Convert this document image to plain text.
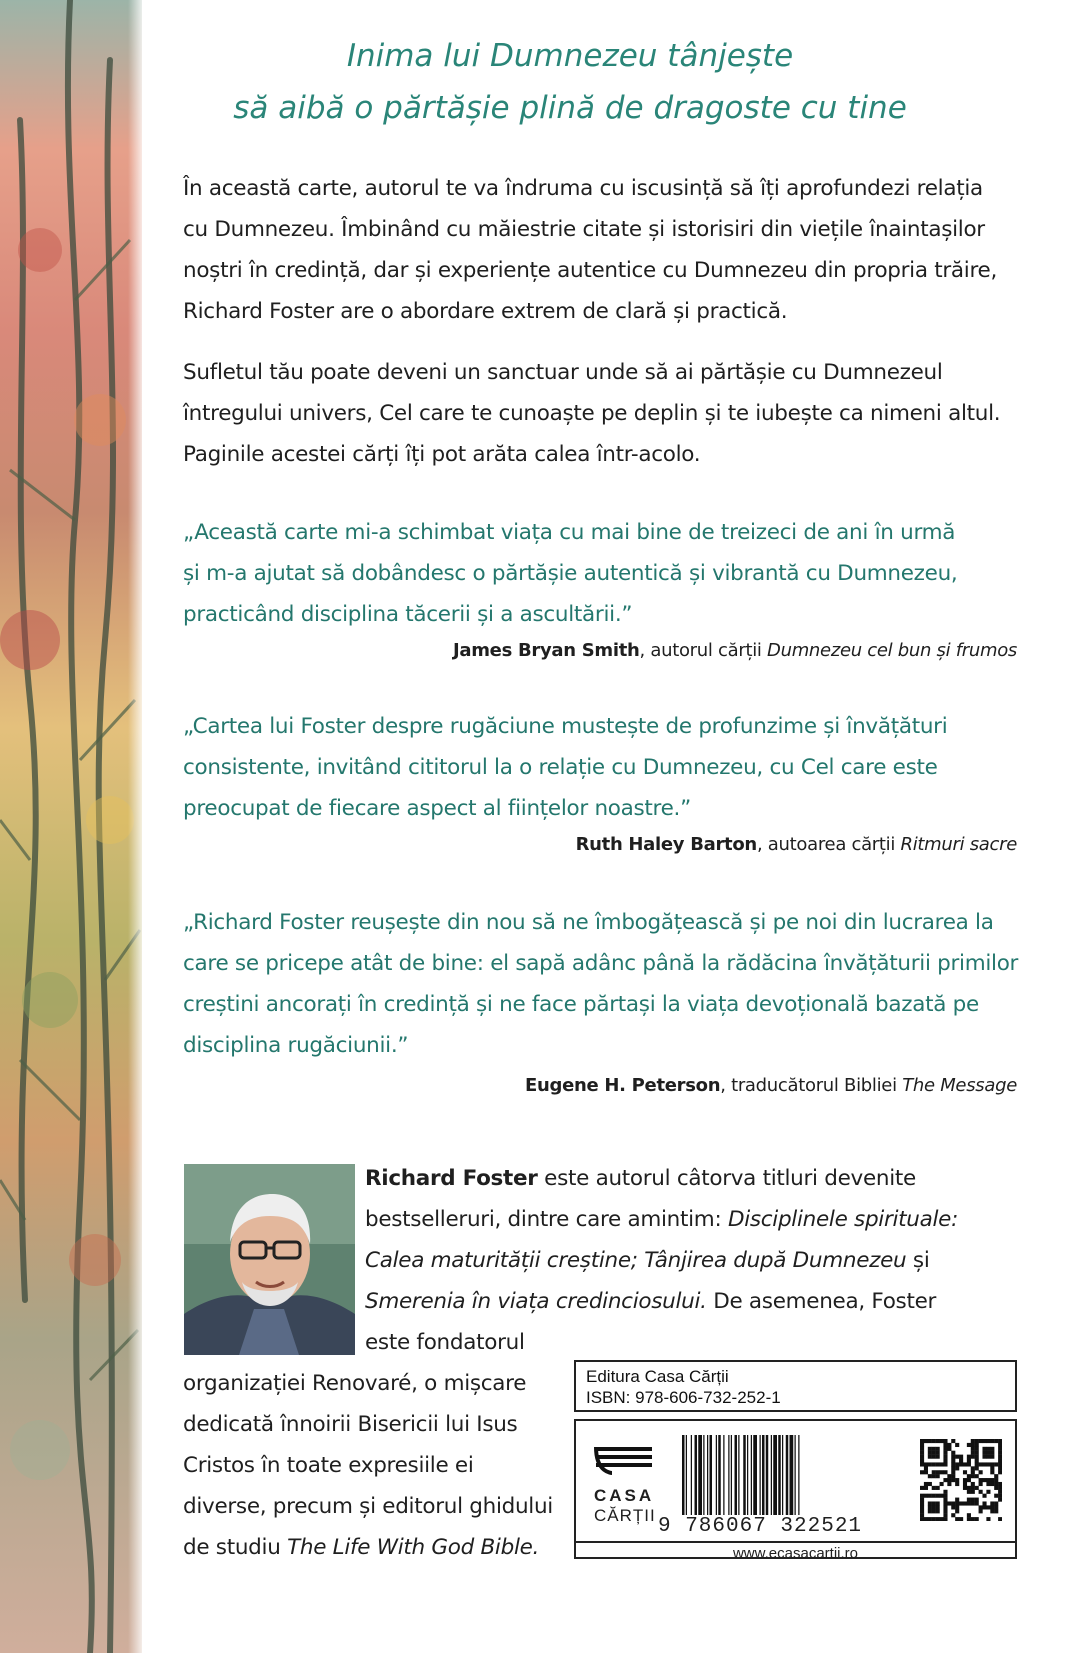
Inima lui Dumnezeu tânjește
să aibă o părtășie plină de dragoste cu tine
În această carte, autorul te va îndruma cu iscusință să îți aprofundezi relația
cu Dumnezeu. Îmbinând cu măiestrie citate și istorisiri din viețile înaintașilor
noștri în credință, dar și experiențe autentice cu Dumnezeu din propria trăire,
Richard Foster are o abordare extrem de clară și practică.
Sufletul tău poate deveni un sanctuar unde să ai părtășie cu Dumnezeul
întregului univers, Cel care te cunoaște pe deplin și te iubește ca nimeni altul.
Paginile acestei cărți îți pot arăta calea într-acolo.
„Această carte mi-a schimbat viața cu mai bine de treizeci de ani în urmă
și m-a ajutat să dobândesc o părtășie autentică și vibrantă cu Dumnezeu,
practicând disciplina tăcerii și a ascultării.”
James Bryan Smith, autorul cărții Dumnezeu cel bun și frumos
„Cartea lui Foster despre rugăciune mustește de profunzime și învățături
consistente, invitând cititorul la o relație cu Dumnezeu, cu Cel care este
preocupat de fiecare aspect al ființelor noastre.”
Ruth Haley Barton, autoarea cărții Ritmuri sacre
„Richard Foster reușește din nou să ne îmbogățească și pe noi din lucrarea la
care se pricepe atât de bine: el sapă adânc până la rădăcina învățăturii primilor
creștini ancorați în credință și ne face părtași la viața devoțională bazată pe
disciplina rugăciunii.”
Eugene H. Peterson, traducătorul Bibliei The Message
Richard Foster este autorul câtorva titluri devenite
bestselleruri, dintre care amintim: Disciplinele spirituale:
Calea maturității creștine; Tânjirea după Dumnezeu și
Smerenia în viața credinciosului. De asemenea, Foster
este fondatorul
organizației Renovaré, o mișcare
dedicată înnoirii Bisericii lui Isus
Cristos în toate expresiile ei
diverse, precum și editorul ghidului
de studiu The Life With God Bible.
Editura Casa Cărții
ISBN: 978-606-732-252-1
CASA
CĂRȚII 9 786067 322521
www.ecasacartii.ro
